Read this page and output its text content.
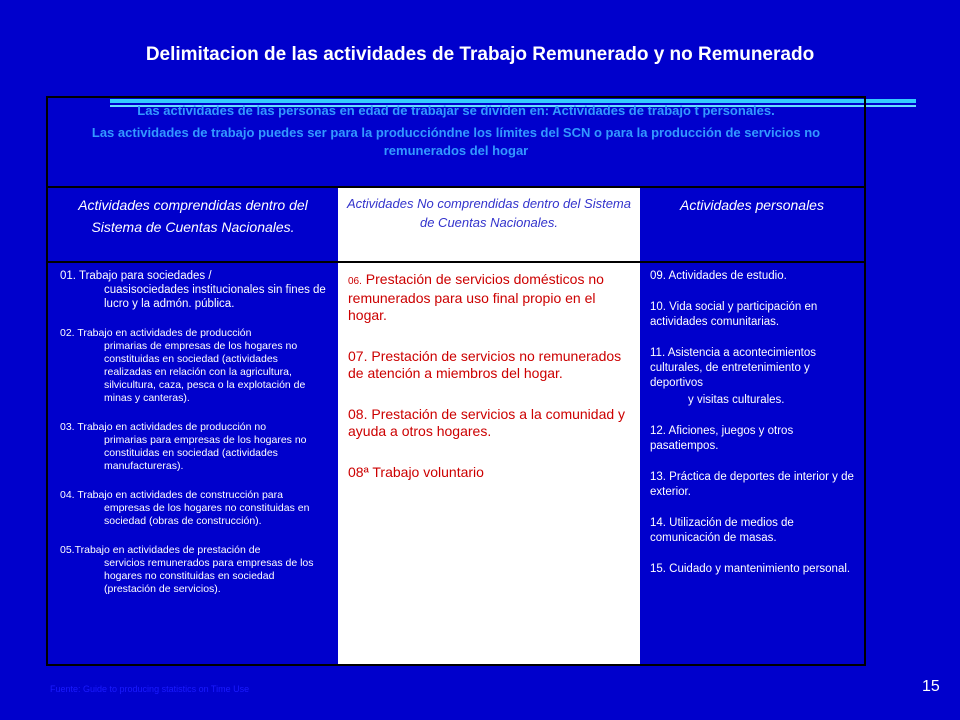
Delimitacion de las actividades de Trabajo Remunerado y no Remunerado

Las actividades de las personas en edad de trabajar se dividen en: Actividades de trabajo t personales.

Las actividades de trabajo puedes ser para la produccióndne los límites del SCN o para la producción de servicios no remunerados del hogar

Actividades comprendidas dentro del Sistema de Cuentas Nacionales.
Actividades No comprendidas dentro del Sistema de Cuentas Nacionales.
Actividades personales
01. Trabajo para sociedades /
cuasisociedades institucionales sin fines de lucro y la admón. pública.
02. Trabajo en actividades de producción
primarias de empresas de los hogares no constituidas en sociedad (actividades realizadas en relación con la agricultura, silvicultura, caza, pesca o la explotación de minas y canteras).
03. Trabajo en actividades de producción no
primarias para empresas de los hogares no constituidas en sociedad (actividades manufactureras).
04. Trabajo en actividades de construcción para
empresas de los hogares no constituidas en sociedad (obras de construcción).
05.Trabajo en actividades de prestación de
servicios remunerados para empresas de los hogares no constituidas en sociedad (prestación de servicios).
06. Prestación de servicios domésticos no remunerados para uso final propio en el hogar.
07. Prestación de servicios no remunerados de atención a miembros del hogar.
08. Prestación de servicios a la comunidad y ayuda a otros hogares.
08ª Trabajo voluntario
09. Actividades de estudio.
10. Vida social y participación en actividades comunitarias.
11. Asistencia a acontecimientos culturales, de entretenimiento y deportivos
y visitas culturales.
12. Aficiones, juegos y otros pasatiempos.
13. Práctica de deportes de interior y de exterior.
14. Utilización de medios de comunicación de masas.
15. Cuidado y mantenimiento personal.
Fuente: Guide to producing statistics on Time Use	15
